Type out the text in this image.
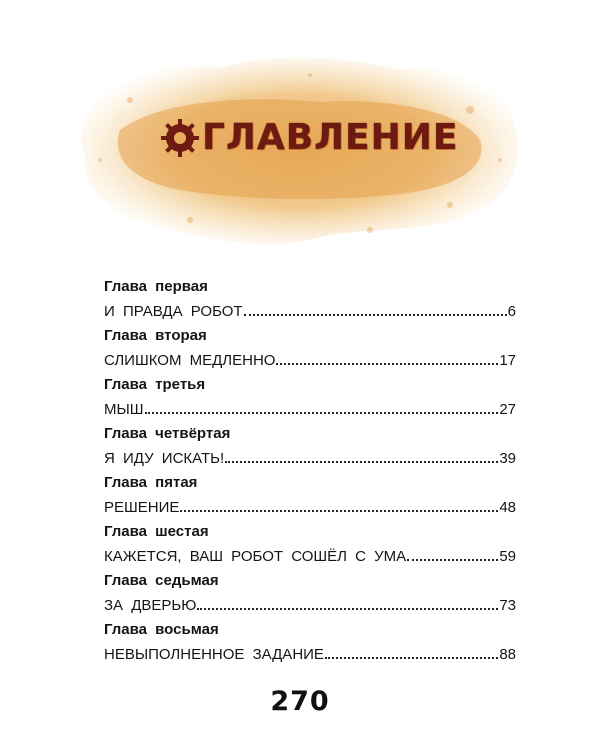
ГЛАВЛЕНИЕ
Глава первая
И ПРАВДА РОБОТ	6
Глава вторая
СЛИШКОМ МЕДЛЕННО	17
Глава третья
МЫШ	27
Глава четвёртая
Я ИДУ ИСКАТЬ!	39
Глава пятая
РЕШЕНИЕ	48
Глава шестая
КАЖЕТСЯ, ВАШ РОБОТ СОШЁЛ С УМА	59
Глава седьмая
ЗА ДВЕРЬЮ	73
Глава восьмая
НЕВЫПОЛНЕННОЕ ЗАДАНИЕ	88
270
